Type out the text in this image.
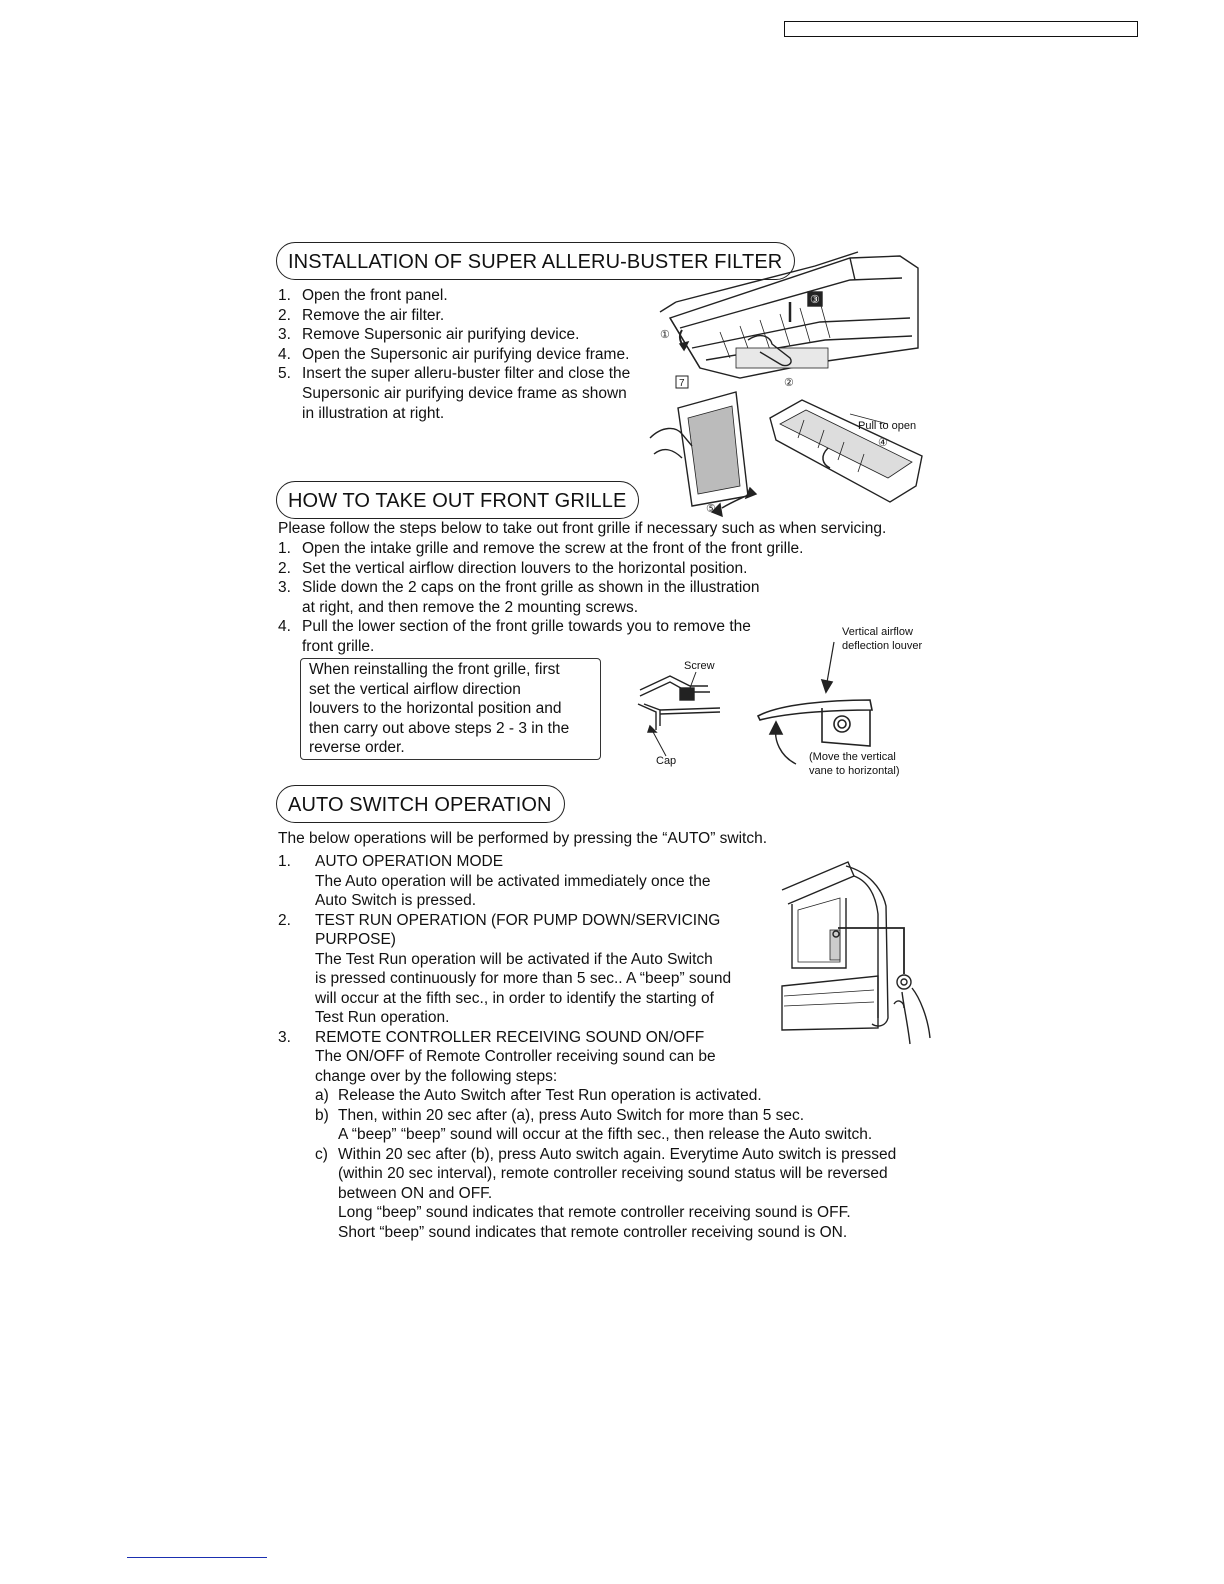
INSTALLATION OF SUPER ALLERU-BUSTER FILTER
1. Open the front panel.
2. Remove the air filter.
3. Remove Supersonic air purifying device.
4. Open the Supersonic air purifying device frame.
5. Insert the super alleru-buster filter and close the
Supersonic air purifying device frame as shown
in illustration at right.
①
②
③
④
⑤
7
Pull to open
HOW TO TAKE OUT FRONT GRILLE
Please follow the steps below to take out front grille if necessary such as when servicing.
1. Open the intake grille and remove the screw at the front of the front grille.
2. Set the vertical airflow direction louvers to the horizontal position.
3. Slide down the 2 caps on the front grille as shown in the illustration
at right, and then remove the 2 mounting screws.
4. Pull the lower section of the front grille towards you to remove the
front grille.
When reinstalling the front grille, first
set the vertical airflow direction
louvers to the horizontal position and
then carry out above steps 2 - 3 in the
reverse order.
Screw
Cap
Vertical airflow
deflection louver
(Move the vertical
vane to horizontal)
AUTO SWITCH OPERATION
The below operations will be performed by pressing the “AUTO” switch.
1. AUTO OPERATION MODE
The Auto operation will be activated immediately once the
Auto Switch is pressed.
2. TEST RUN OPERATION (FOR PUMP DOWN/SERVICING
PURPOSE)
The Test Run operation will be activated if the Auto Switch
is pressed continuously for more than 5 sec.. A “beep” sound
will occur at the fifth sec., in order to identify the starting of
Test Run operation.
3. REMOTE CONTROLLER RECEIVING SOUND ON/OFF
The ON/OFF of Remote Controller receiving sound can be
change over by the following steps:
a) Release the Auto Switch after Test Run operation is activated.
b) Then, within 20 sec after (a), press Auto Switch for more than 5 sec.
A “beep” “beep” sound will occur at the fifth sec., then release the Auto switch.
c) Within 20 sec after (b), press Auto switch again. Everytime Auto switch is pressed
(within 20 sec interval), remote controller receiving sound status will be reversed
between ON and OFF.
Long “beep” sound indicates that remote controller receiving sound is OFF.
Short “beep” sound indicates that remote controller receiving sound is ON.
